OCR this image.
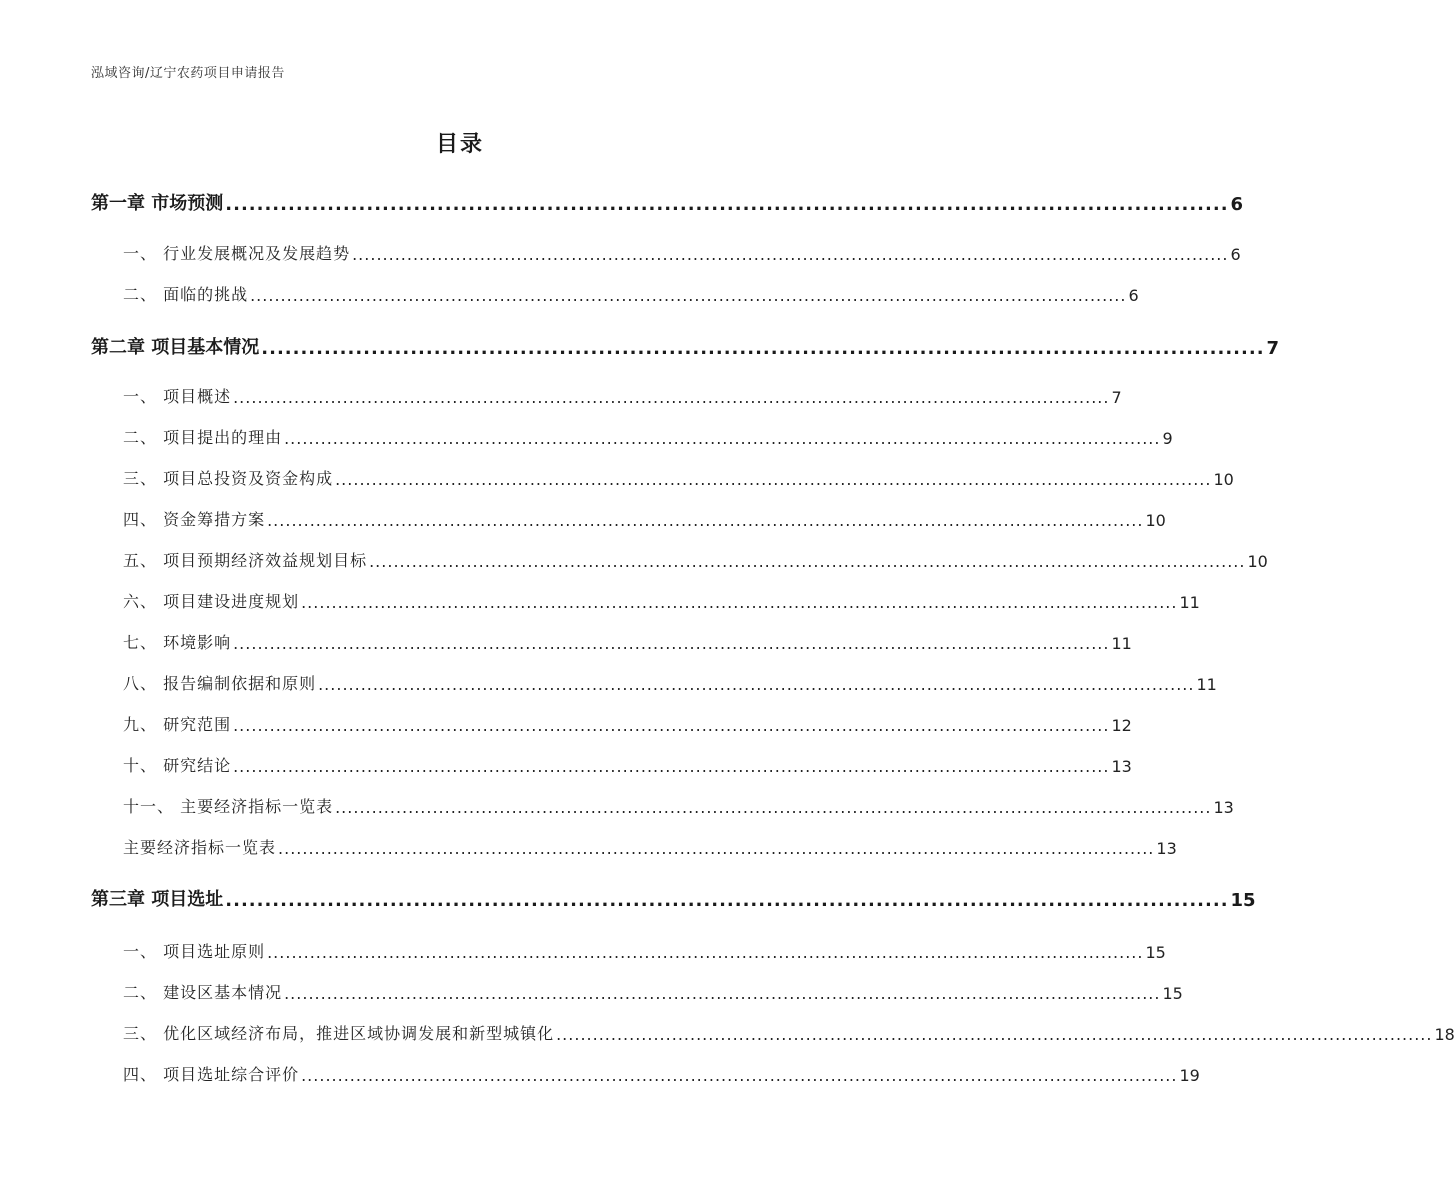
泓域咨询/辽宁农药项目申请报告
目录
第一章 市场预测 ................................................................................................................................ 6
一、 行业发展概况及发展趋势 ................................................................................................................................................ 6
二、 面临的挑战 ................................................................................................................................................ 6
第二章 项目基本情况 ................................................................................................................................ 7
一、 项目概述 ................................................................................................................................................ 7
二、 项目提出的理由 ................................................................................................................................................ 9
三、 项目总投资及资金构成 ................................................................................................................................................ 10
四、 资金筹措方案 ................................................................................................................................................ 10
五、 项目预期经济效益规划目标 ................................................................................................................................................ 10
六、 项目建设进度规划 ................................................................................................................................................ 11
七、 环境影响 ................................................................................................................................................ 11
八、 报告编制依据和原则 ................................................................................................................................................ 11
九、 研究范围 ................................................................................................................................................ 12
十、 研究结论 ................................................................................................................................................ 13
十一、 主要经济指标一览表 ................................................................................................................................................ 13
主要经济指标一览表 ................................................................................................................................................ 13
第三章 项目选址 ................................................................................................................................ 15
一、 项目选址原则 ................................................................................................................................................ 15
二、 建设区基本情况 ................................................................................................................................................ 15
三、 优化区域经济布局，推进区域协调发展和新型城镇化 ................................................................................................................................................ 18
四、 项目选址综合评价 ................................................................................................................................................ 19
